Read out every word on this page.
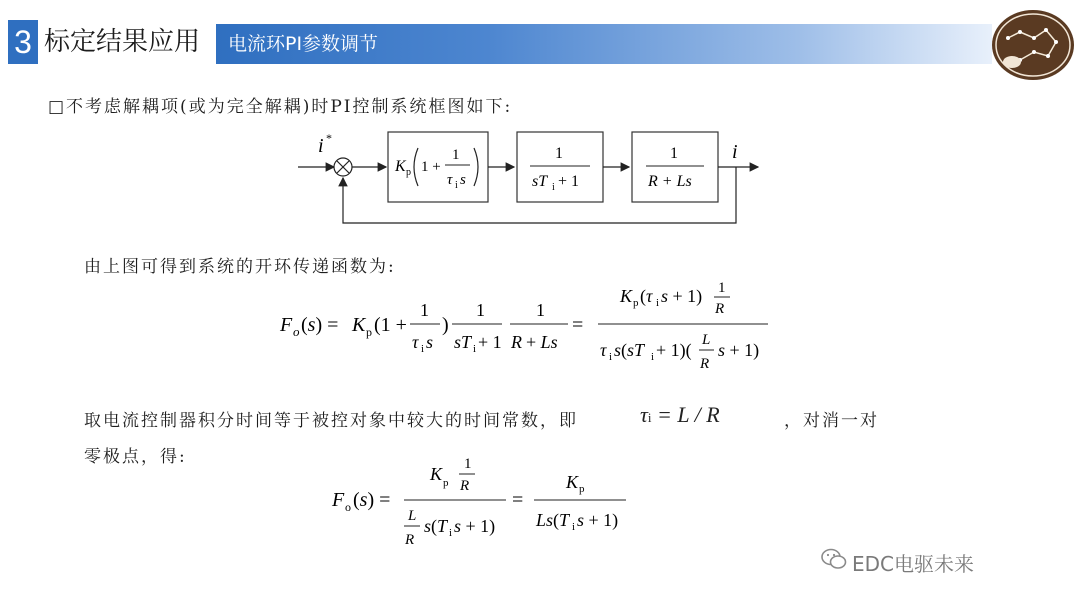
3 标定结果应用 电流环PI参数调节
□不考虑解耦项(或为完全解耦)时PI控制系统框图如下:
i *
K p 1 +
1
τ i s
1
sT i + 1
1
R + Ls
i
由上图可得到系统的开环传递函数为:
F o (s) = K p (1 +
1
τ i s
)
1
sT i + 1
1
R + Ls
=
K p (τ i s + 1) 1
R
τ i s(sT i + 1)( L
R
s + 1)
取电流控制器积分时间等于被控对象中较大的时间常数，即	τi = L / R	，对消一对
零极点，得:
F o (s) =
K p
1
R
L
R
s(T i s + 1)
=
K p
Ls(T i s + 1)
EDC电驱未来
